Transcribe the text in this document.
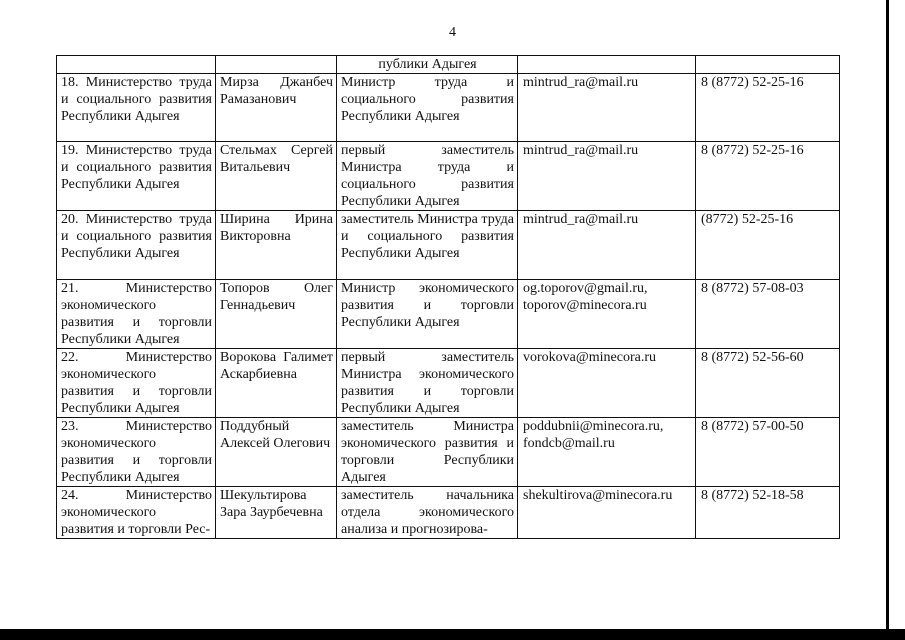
4
		публики Адыгея		
18. Министерство труда и социального развития Республики Адыгея	Мирза Джанбеч Рамазанович	Министр труда и социального развития Республики Адыгея	mintrud_ra@mail.ru	8 (8772) 52-25-16
19. Министерство труда и социального развития Республики Адыгея	Стельмах Сергей Витальевич	первый заместитель Министра труда и социального развития Республики Адыгея	mintrud_ra@mail.ru	8 (8772) 52-25-16
20. Министерство труда и социального развития Республики Адыгея	Ширина Ирина Викторовна	заместитель Министра труда и социального развития Республики Адыгея	mintrud_ra@mail.ru	(8772) 52-25-16
21. Министерство экономического развития и торговли Республики Адыгея	Топоров Олег Геннадьевич	Министр экономического развития и торговли Республики Адыгея	og.toporov@gmail.ru, toporov@minecora.ru	8 (8772) 57-08-03
22. Министерство экономического развития и торговли Республики Адыгея	Ворокова Галимет Аскарбиевна	первый заместитель Министра экономического развития и торговли Республики Адыгея	vorokova@minecora.ru	8 (8772) 52-56-60
23. Министерство экономического развития и торговли Республики Адыгея	Поддубный Алексей Олегович	заместитель Министра экономического развития и торговли Республики Адыгея	poddubnii@minecora.ru, fondcb@mail.ru	8 (8772) 57-00-50
24. Министерство экономического развития и торговли Рес-	Шекультирова Зара Заурбечевна	заместитель начальника отдела экономического анализа и прогнозирова-	shekultirova@minecora.ru	8 (8772) 52-18-58
